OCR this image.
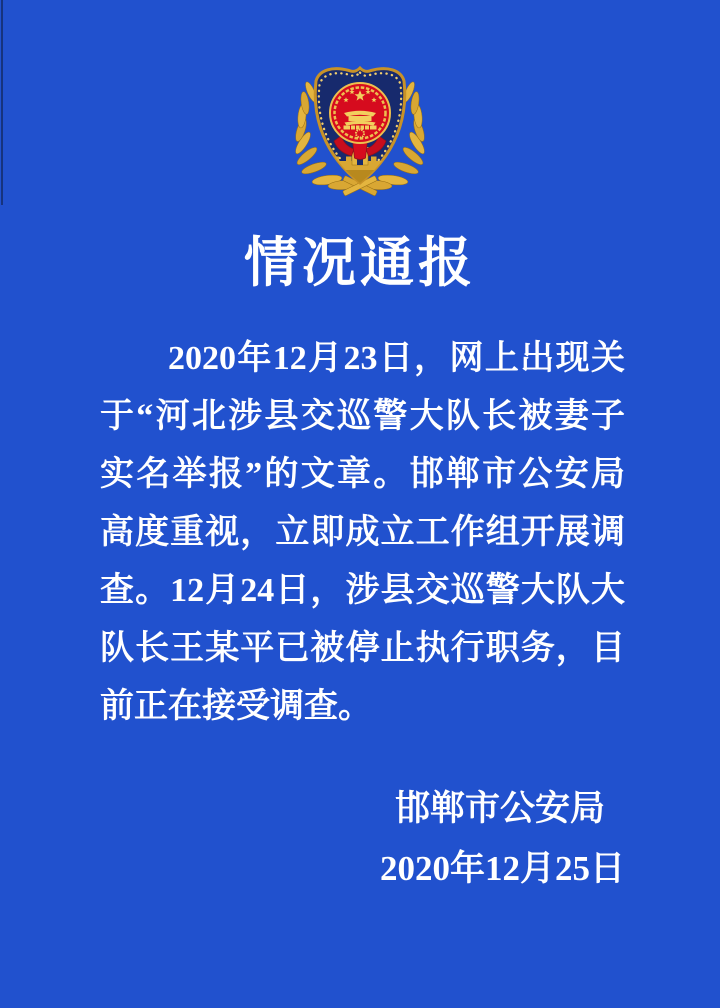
情况通报
2020年12月23日，网上出现关
于“河北涉县交巡警大队长被妻子
实名举报”的文章。邯郸市公安局
高度重视，立即成立工作组开展调
查。12月24日，涉县交巡警大队大
队长王某平已被停止执行职务，目
前正在接受调查。
邯郸市公安局
2020年12月25日
